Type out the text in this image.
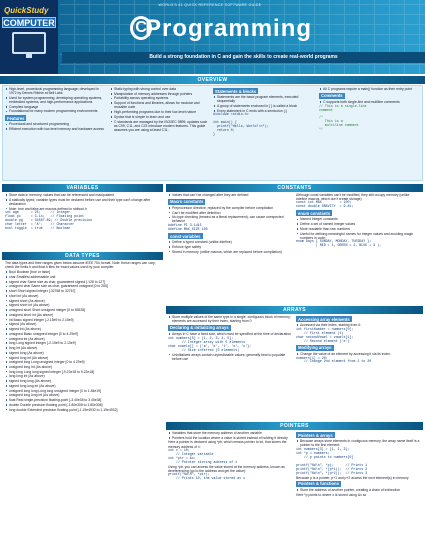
QuickStudy
COMPUTER
WORLD'S #1 QUICK REFERENCE SOFTWARE GUIDE
C
Programming
Build a strong foundation in C and gain the skills to create real-world programs
OVERVIEW
High-level, procedural programming language; developed in 1972 by Dennis Ritchie at Bell Labs
Used for system programming, developing operating systems, embedded systems, and high-performance applications
Compiled language
Foundational for many modern programming environments
Features
Procedural and structured programming
Efficient execution with low-level memory and hardware access
Static typing with strong control over data
Manipulation of memory addresses through pointers
Portability across operating systems
Support of functions and libraries, allows for modular and reusable code
High-performing programs due to their low-level nature
Syntax that is simple to learn and use
C standards are managed by the ISO/IEC 9899; updates such as C99, C11, and C23 introduce modern features. This guide assumes you are using at least C11.
Statements & blocks
Statements are the basic program elements, executed sequentially
A group of statements enclosed in { } is called a block
Every statement in C ends with a semicolon (;)
#include <stdio.h>

int main() {
printf("Hello, World!\n");
return 0;
}
All C programs require a main() function as their entry point
Comments
C supports both single-line and multiline comments
// This is a single-line
comment

/*
This is a
multiline comment
*/
VARIABLES
Store data in memory; values that can be referenced and manipulated
A statically typed; variable types must be declared before use and their type can't change after declaration
Note: true and false are macros defined in stdbool.h
int age      = 25;     // Integer
float pi     = 3.14;   // Floating point
double pg    = 34567.89; // Double precision
char letter  = 'A';    // Character
bool toggle  = true    // Boolean
DATA TYPES
The data types and their ranges given below assume IEEE 754 format. Note: these ranges can vary; check the limits.h and float.h files for exact values used by your compiler.
Bool Boolean [true or false]
char Smallest addressable unit
signed char Same size as char, guaranteed signed [-128 to 127]
unsigned char Same size as char, guaranteed unsigned [0 to 255]
short Short signed integer [-32768 to 32767]
short int (As above)
signed short (As above)
signed short int (As above)
unsigned short Short unsigned integer [0 to 65535]
unsigned short int (As above)
int Basic signed integer [-2.15e9 to 2.15e9]
signed (As above)
signed int (As above)
unsigned Basic unsigned integer [0 to 4.29e9]
unsigned int (As above)
long Long signed integer [-2.15e9 to 2.15e9]
long int (As above)
signed long (As above)
signed long int (As above)
unsigned long Long unsigned integer [0 to 4.29e9]
unsigned long int (As above)
long long Long long signed integer [-9.22e18 to 9.22e18]
long long int (As above)
signed long long (As above)
signed long long int (As above)
unsigned long long Long long unsigned integer [0 to 1.84e19]
unsigned long long int (As above)
float Real single-precision floating-point [-3.40e38 to 3.40e38]
double Double precision floating point [-1.80e308 to 1.80e308]
long double Extended precision floating-point [-1.19e4932 to 1.19e4932]
CONSTANTS
Values that can't be changed after they are defined
Macro constants
Preprocessor directive, replaced by the compiler before compilation
Can't be modified after definition
No type checking (treated as a literal replacement), can cause unexpected behavior
#define PI 3.1415
#define MAX_SIZE 100
const variables
Define a typed constant (unlike #define)
Enforce type safety
Stored in memory (unlike macros, which are replaced before compilation)
Although const variables can't be modified, they still occupy memory (unlike #define macros, which don't create storage)
const int MAX         = 100;
const double GRAVITY  = 9.81;
enum constants
Named integer constants
Define a set of named integer values
More readable than raw numbers
Useful for defining meaningful names for integer values and avoiding magic numbers in code:
enum Days { SUNDAY, MONDAY, TUESDAY };
( RED = 1, GREEN = 2, BLUE = 3 );
ARRAYS
Store multiple values of the same type in a single, contiguous block of memory; elements are accessed by their index, starting from 0
Declaring & initializing arrays
Arrays in C have a fixed size, which must be specified at the time of declaration
int numbers[5] = {1, 2, 3, 4, 5};
// Integer array with 5 elements
char vowels[] = {'a', 'e', 'i', 'o', 'u'};
// Size inferred (5 elements)
Uninitialized arrays contain unpredictable values; generally best to populate before use
Accessing array elements
Accessed via their index, starting from 0:
int firstNumber = numbers[0];
// First element (1)
char secondVowel = vowels[1];
// Second element ('e')
Modifying arrays
Change the value of an element by accessing it via its index:
numbers[1] = 20;
// Change 2nd element from 2 to 20
POINTERS
Variables that store the memory address of another variable
Pointers hold the location where a value is stored instead of holding it directly
Here a pointer is declared using *ptr, which means pointer to int, that stores the memory address of x:
int x = 10;
// Integer variable
int *ptr = &x;
// Pointer storing address of x
Using *ptr, you can access the value stored at the memory address, known as dereferencing (go to the address and get the value):
printf("%d\n", *ptr);
// Prints 10, the value stored at x
Pointers & arrays
Because arrays store elements in contiguous memory, the array name itself is a pointer to the first element:
int numbers[3] = {1, 2, 3};
int *p = numbers;
// p points to numbers[0]

printf("%d\n", *p);      // Prints 1
printf("%d\n", *(p+1));  // Prints 2
printf("%d\n", *(p+2));  // Prints 3
Because p is a pointer, p+1 and p+2 access the next element(s) in memory
Pointers & functions
Store the address of another pointer, creating a chain of indirection
Here *p points to where x is stored using &x so
